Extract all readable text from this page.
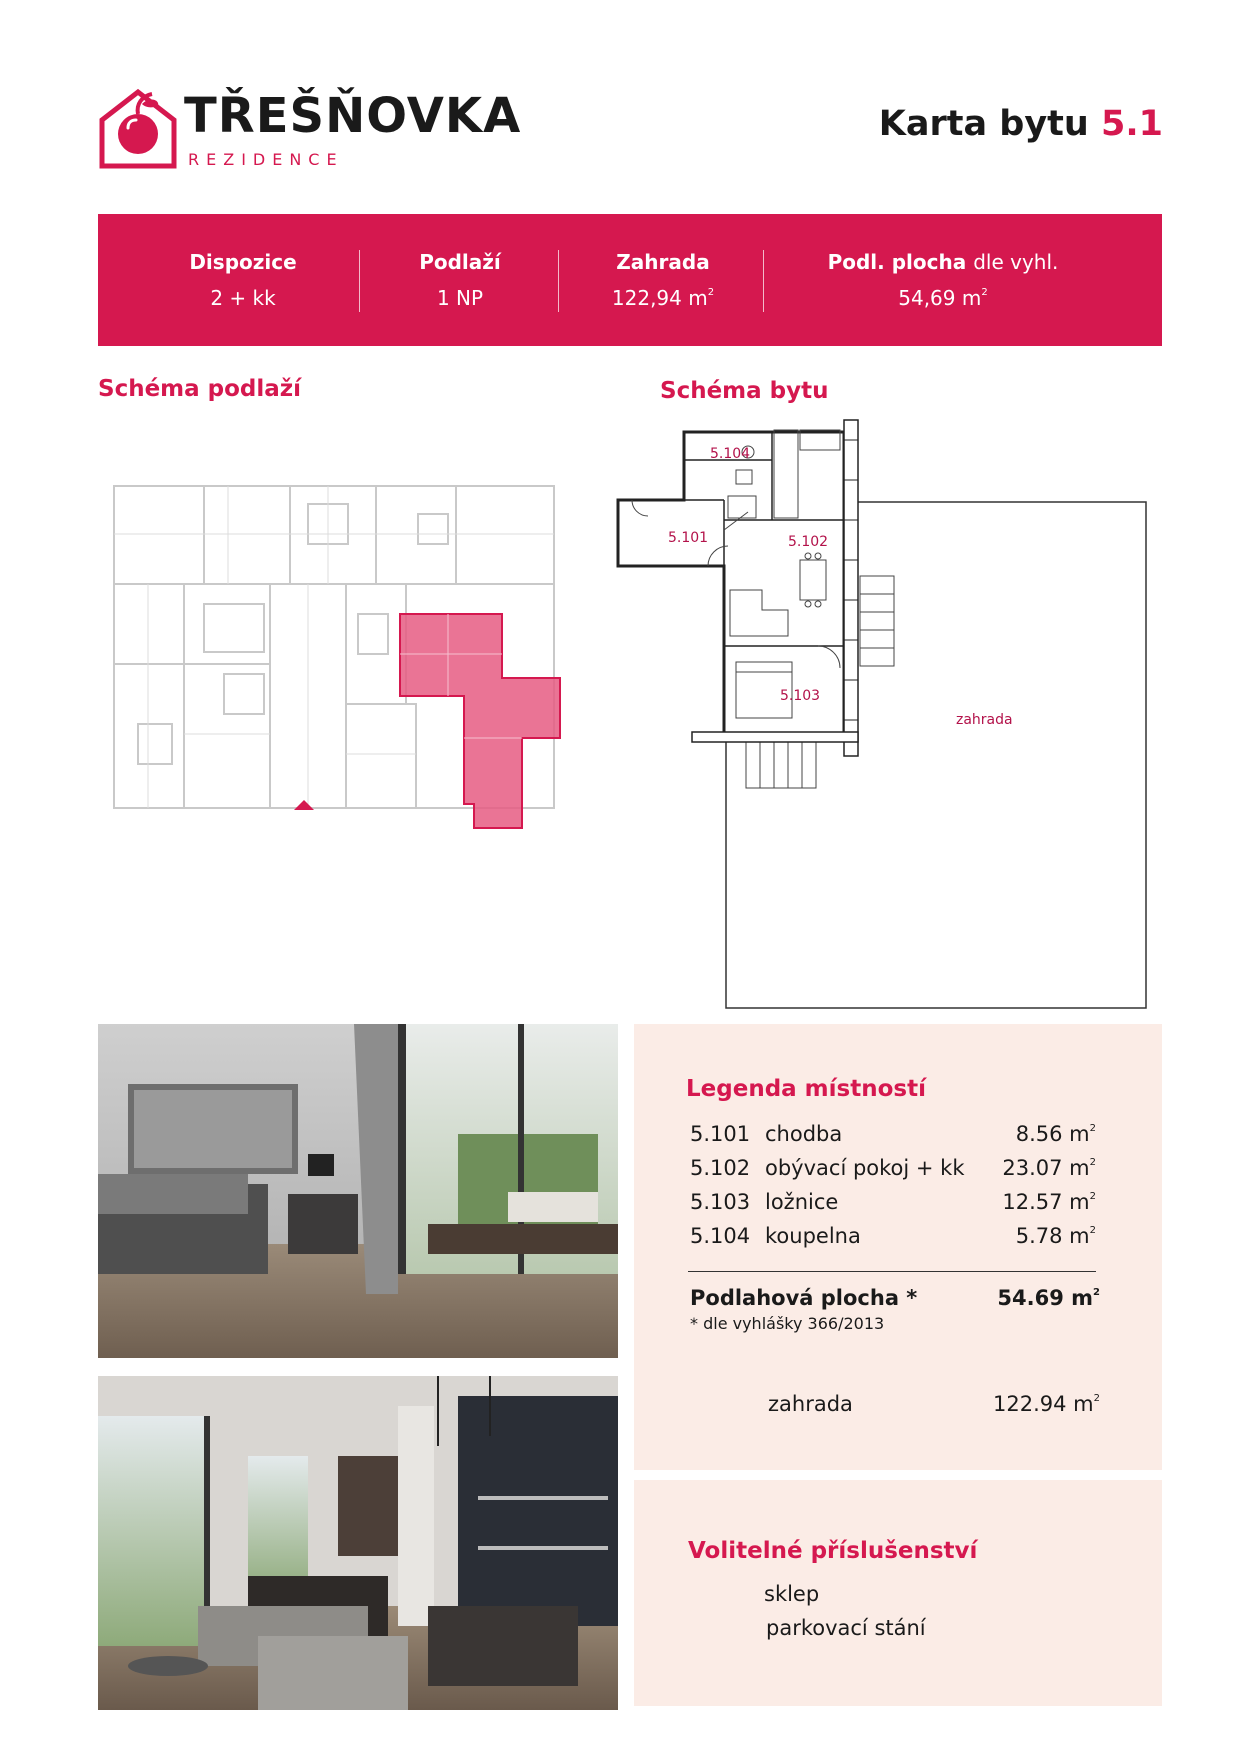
TŘEŠŇOVKA
REZIDENCE
Karta bytu 5.1
Dispozice
2 + kk
Podlaží
1 NP
Zahrada
122,94 $m^2$
Podl. plocha dle vyhl.
54,69 $m^2$
Schéma podlaží	Schéma bytu
5.104
5.101	5.102
5.103
zahrada
Legenda místností
5.101 chodba	8.56 $m^2$
5.102 obývací pokoj + kk 23.07 $m^2$
5.103 ložnice	12.57 $m^2$
5.104 koupelna	5.78 $m^2$
Podlahová plocha *	54.69 $m^2$
* dle vyhlášky 366/2013
zahrada	122.94 $m^2$
Volitelné příslušenství
sklep
parkovací stání
